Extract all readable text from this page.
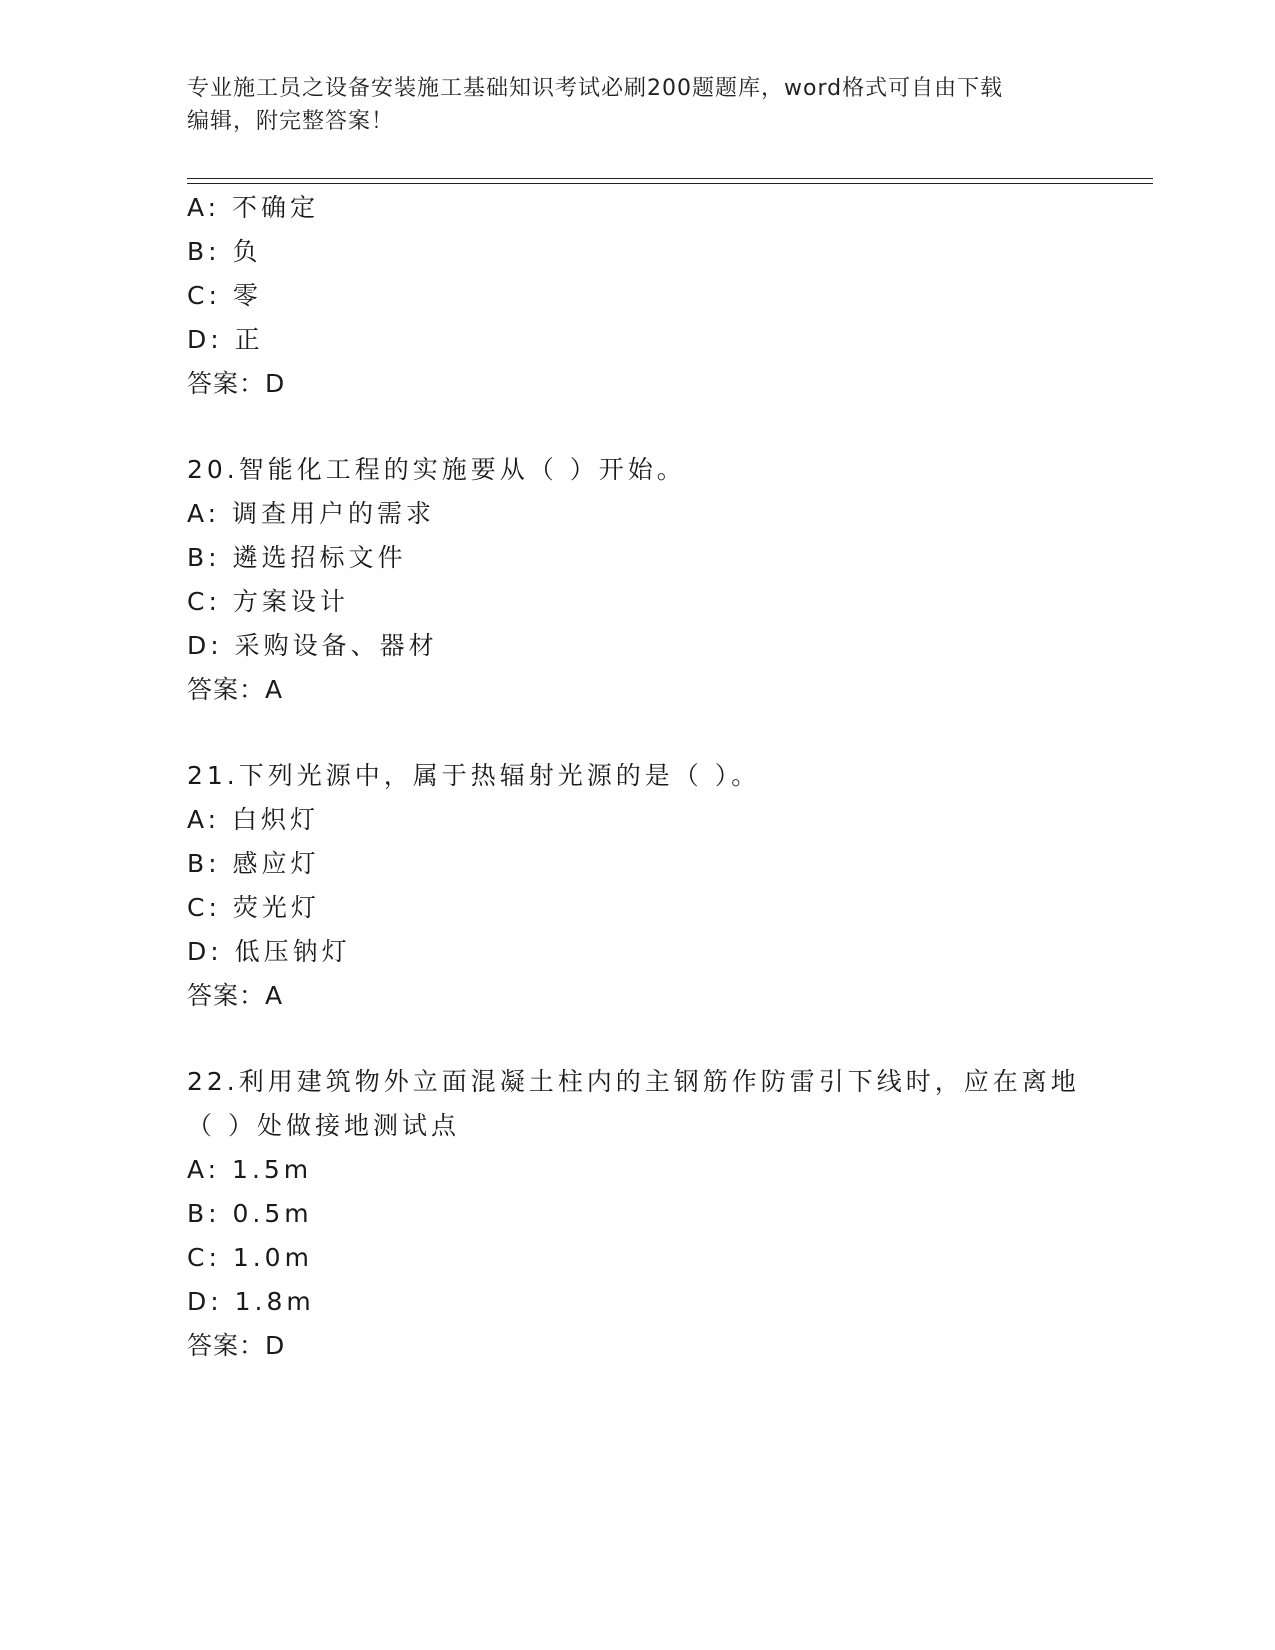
专业施工员之设备安装施工基础知识考试必刷200题题库，word格式可自由下载
编辑，附完整答案！
A: 不确定
B: 负
C: 零
D: 正
答案：D
20.智能化工程的实施要从（ ）开始。
A: 调查用户的需求
B: 遴选招标文件
C: 方案设计
D: 采购设备、器材
答案：A
21.下列光源中，属于热辐射光源的是（ ）。
A: 白炽灯
B: 感应灯
C: 荧光灯
D: 低压钠灯
答案：A
22.利用建筑物外立面混凝土柱内的主钢筋作防雷引下线时，应在离地
（ ）处做接地测试点
A: 1.5m
B: 0.5m
C: 1.0m
D: 1.8m
答案：D
